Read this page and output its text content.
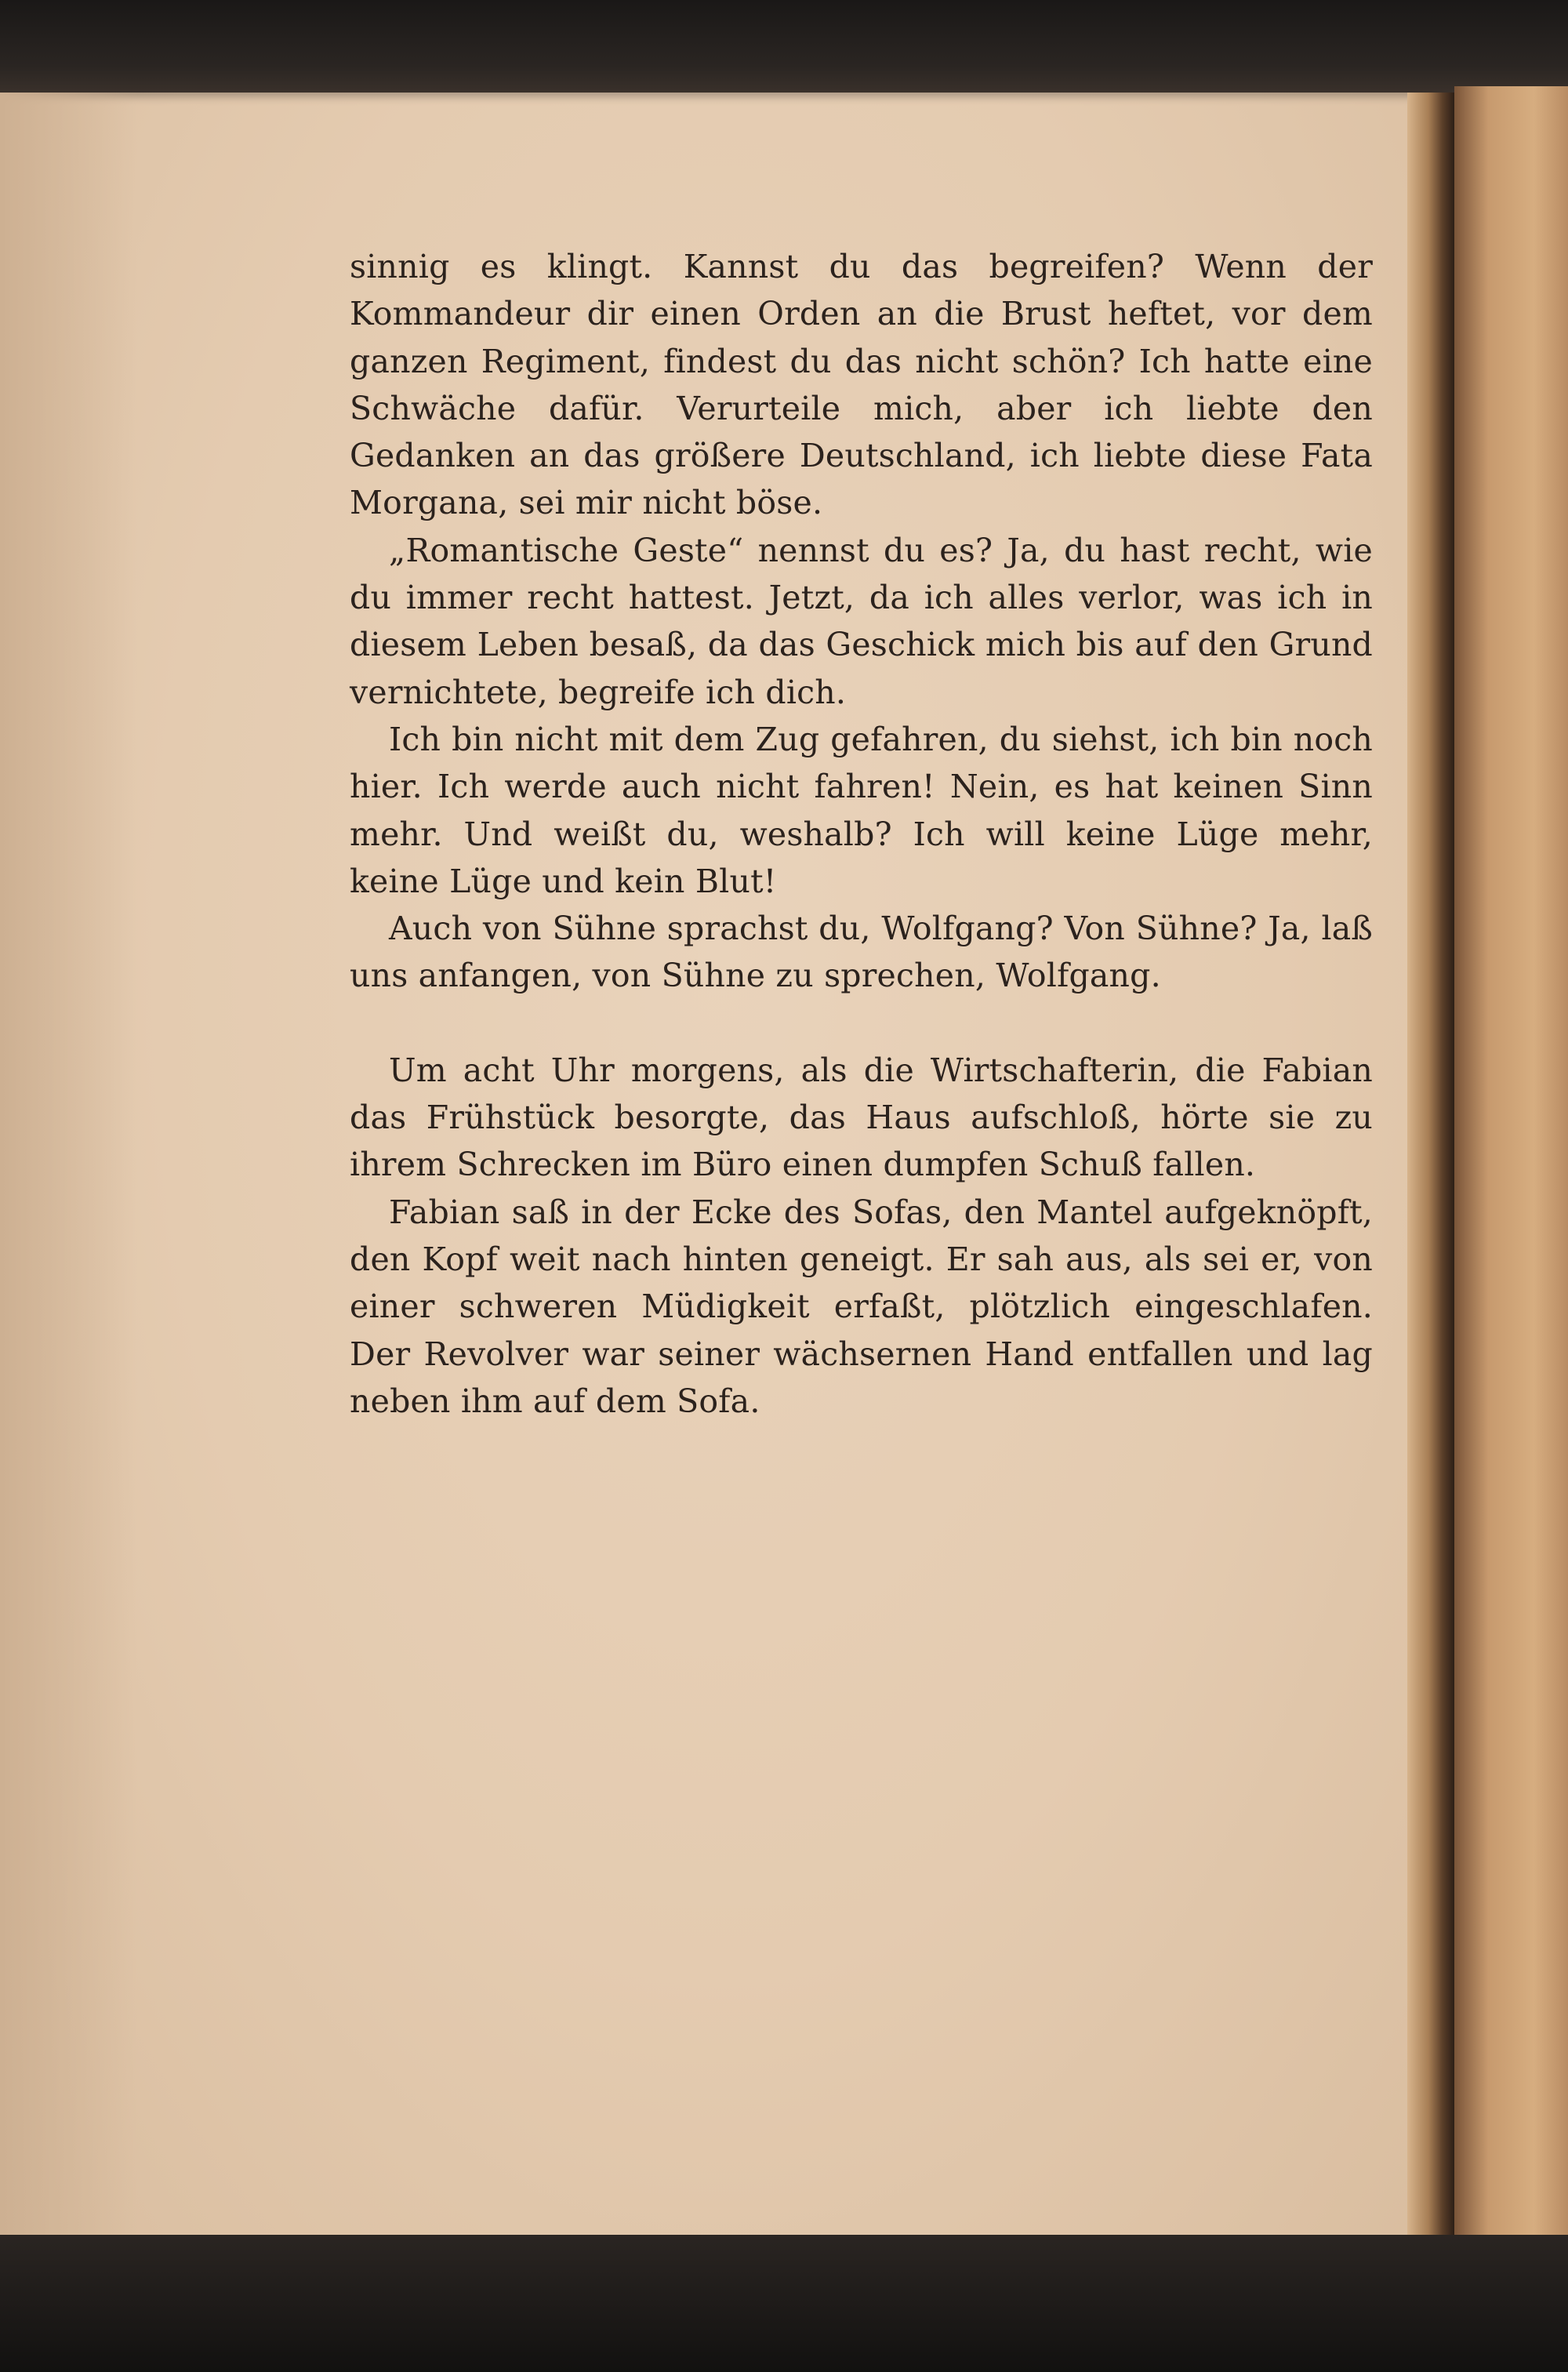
sinnig es klingt. Kannst du das begreifen? Wenn der Kommandeur dir einen Orden an die Brust heftet, vor dem ganzen Regiment, findest du das nicht schön? Ich hatte eine Schwäche dafür. Verurteile mich, aber ich liebte den Gedanken an das größere Deutschland, ich liebte diese Fata Morgana, sei mir nicht böse.

„Romantische Geste“ nennst du es? Ja, du hast recht, wie du immer recht hattest. Jetzt, da ich alles verlor, was ich in diesem Leben besaß, da das Geschick mich bis auf den Grund vernichtete, begreife ich dich.

Ich bin nicht mit dem Zug gefahren, du siehst, ich bin noch hier. Ich werde auch nicht fahren! Nein, es hat keinen Sinn mehr. Und weißt du, weshalb? Ich will keine Lüge mehr, keine Lüge und kein Blut!

Auch von Sühne sprachst du, Wolfgang? Von Sühne? Ja, laß uns anfangen, von Sühne zu sprechen, Wolfgang.

Um acht Uhr morgens, als die Wirtschafterin, die Fabian das Frühstück besorgte, das Haus aufschloß, hörte sie zu ihrem Schrecken im Büro einen dumpfen Schuß fallen.

Fabian saß in der Ecke des Sofas, den Mantel aufgeknöpft, den Kopf weit nach hinten geneigt. Er sah aus, als sei er, von einer schweren Müdigkeit erfaßt, plötzlich eingeschlafen. Der Revolver war seiner wächsernen Hand entfallen und lag neben ihm auf dem Sofa.
